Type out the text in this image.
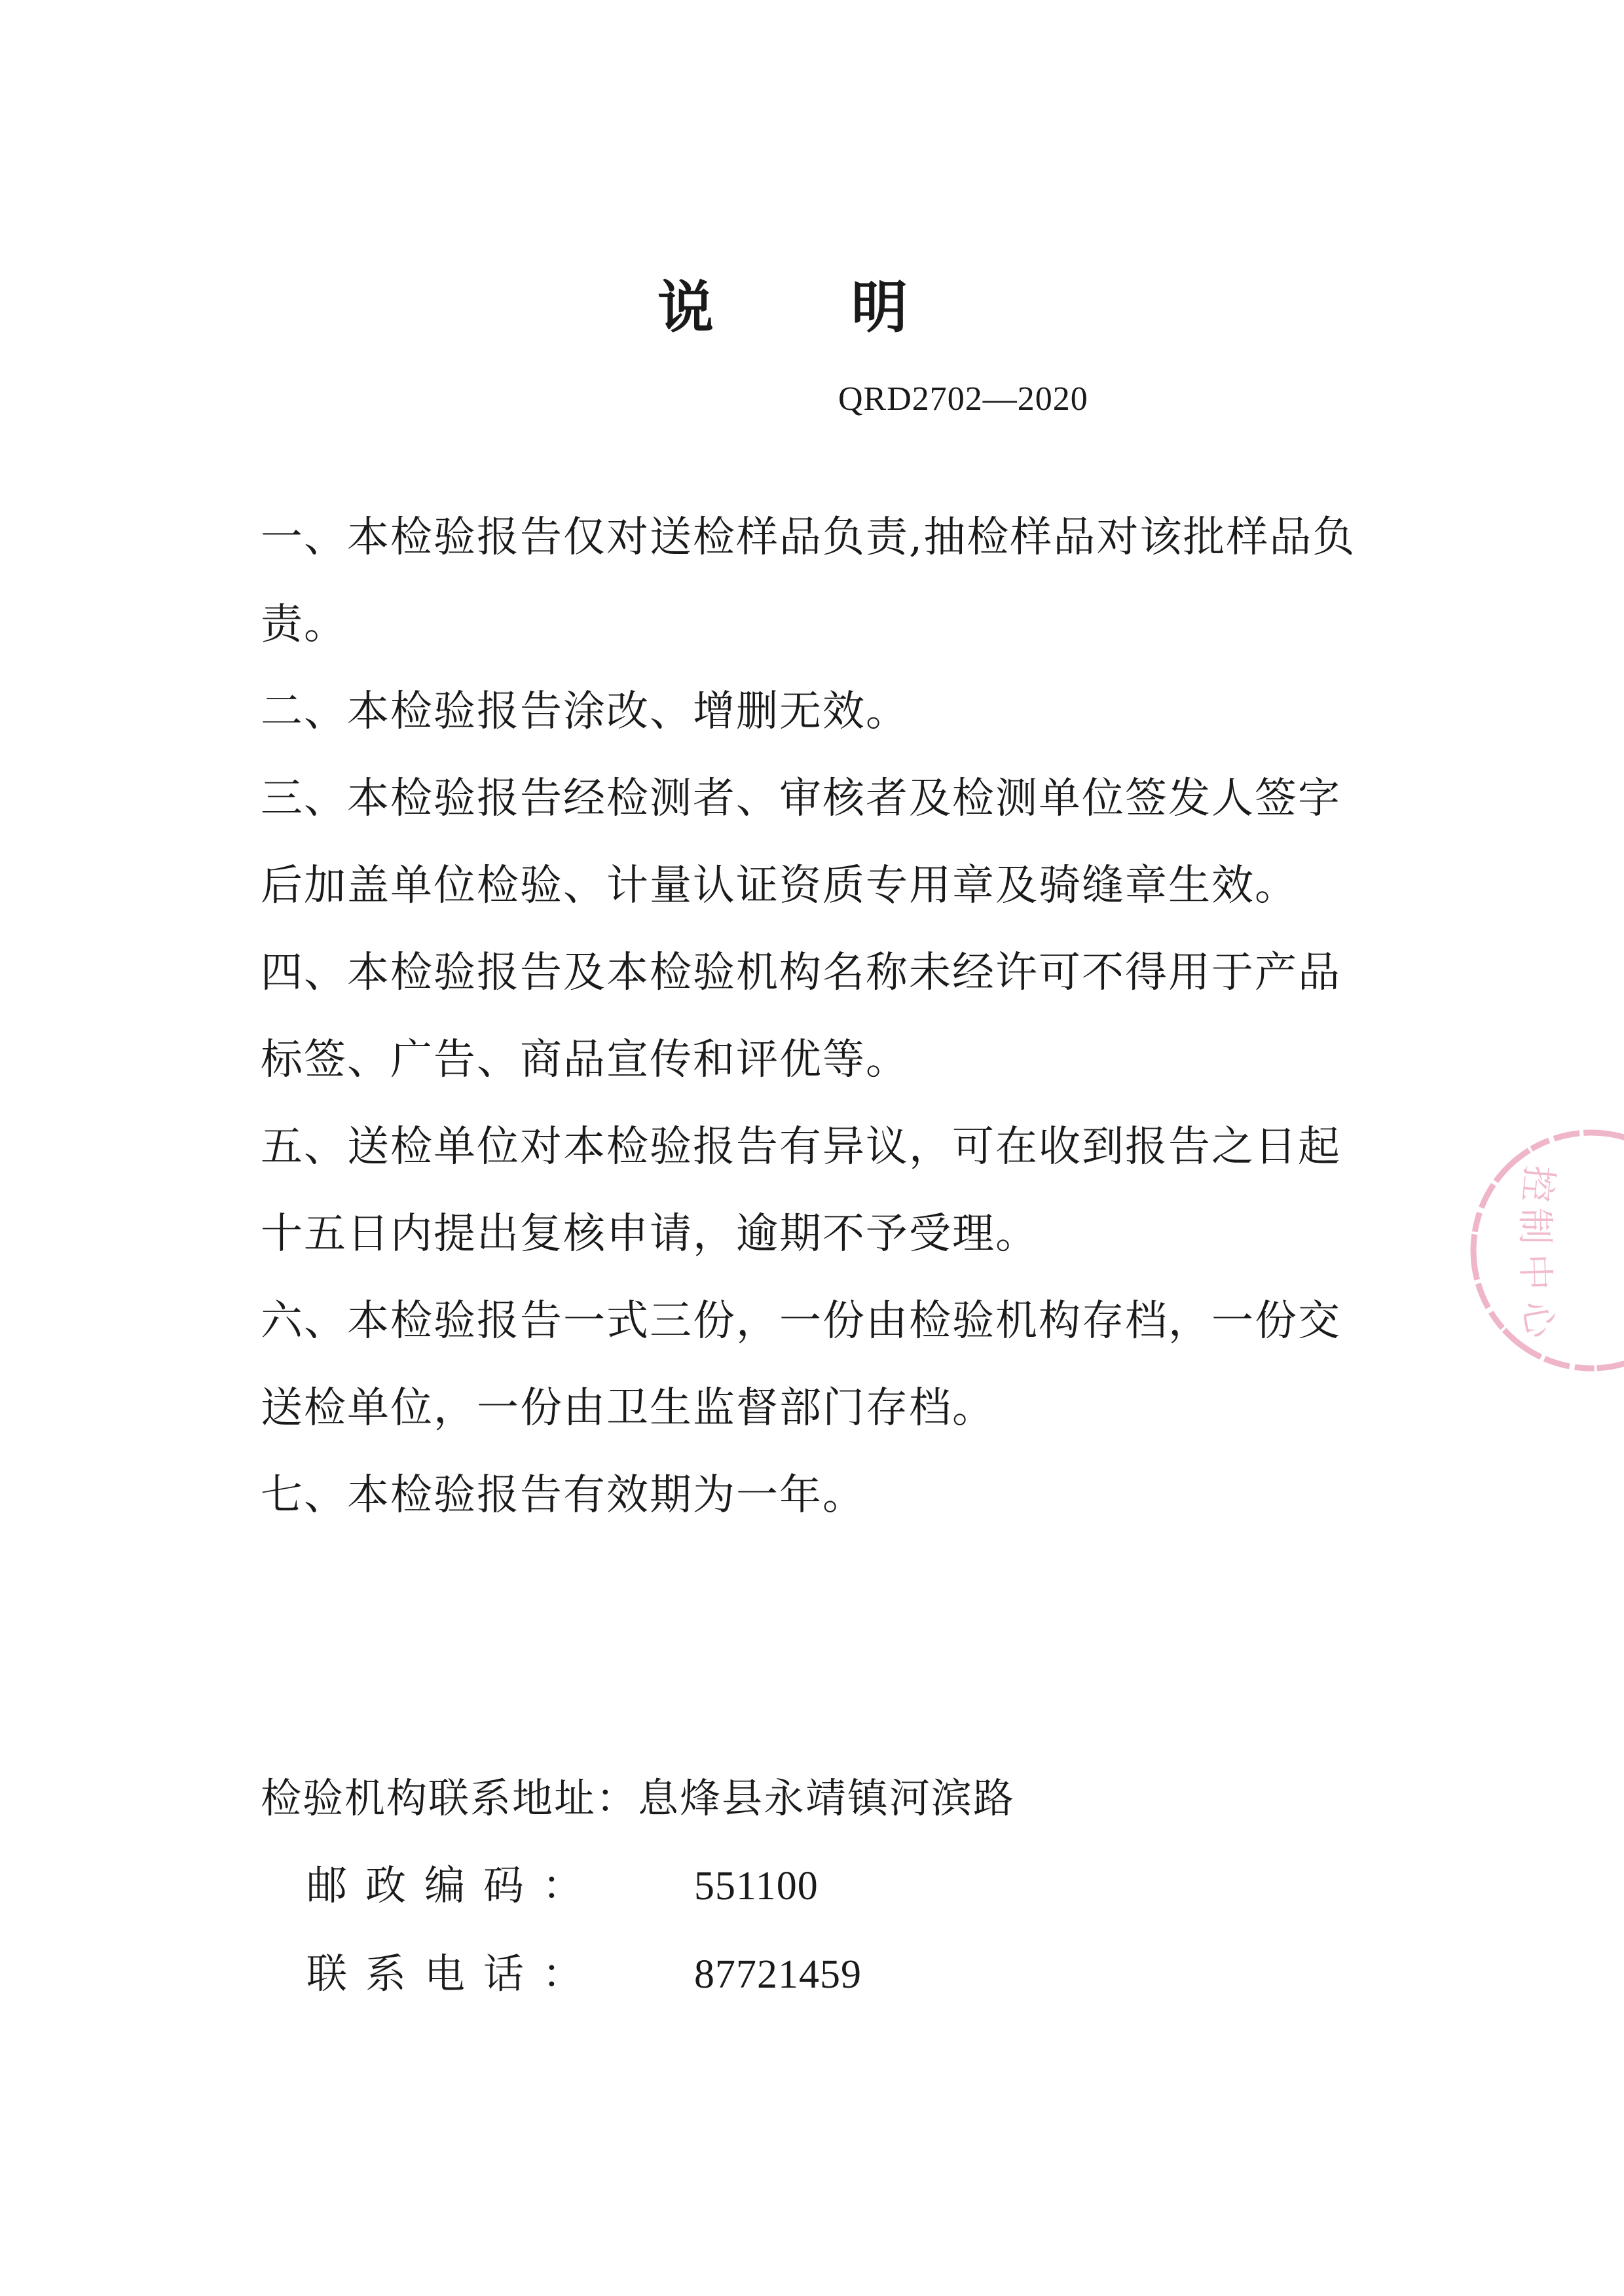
说 明
QRD2702—2020

一、本检验报告仅对送检样品负责,抽检样品对该批样品负责。

二、本检验报告涂改、增删无效。

三、本检验报告经检测者、审核者及检测单位签发人签字后加盖单位检验、计量认证资质专用章及骑缝章生效。

四、本检验报告及本检验机构名称未经许可不得用于产品标签、广告、商品宣传和评优等。

五、送检单位对本检验报告有异议，可在收到报告之日起十五日内提出复核申请，逾期不予受理。

六、本检验报告一式三份，一份由检验机构存档，一份交送检单位，一份由卫生监督部门存档。

七、本检验报告有效期为一年。

检验机构联系地址：息烽县永靖镇河滨路
邮政编码： 551100
联系电话： 87721459
控
制
中
心
